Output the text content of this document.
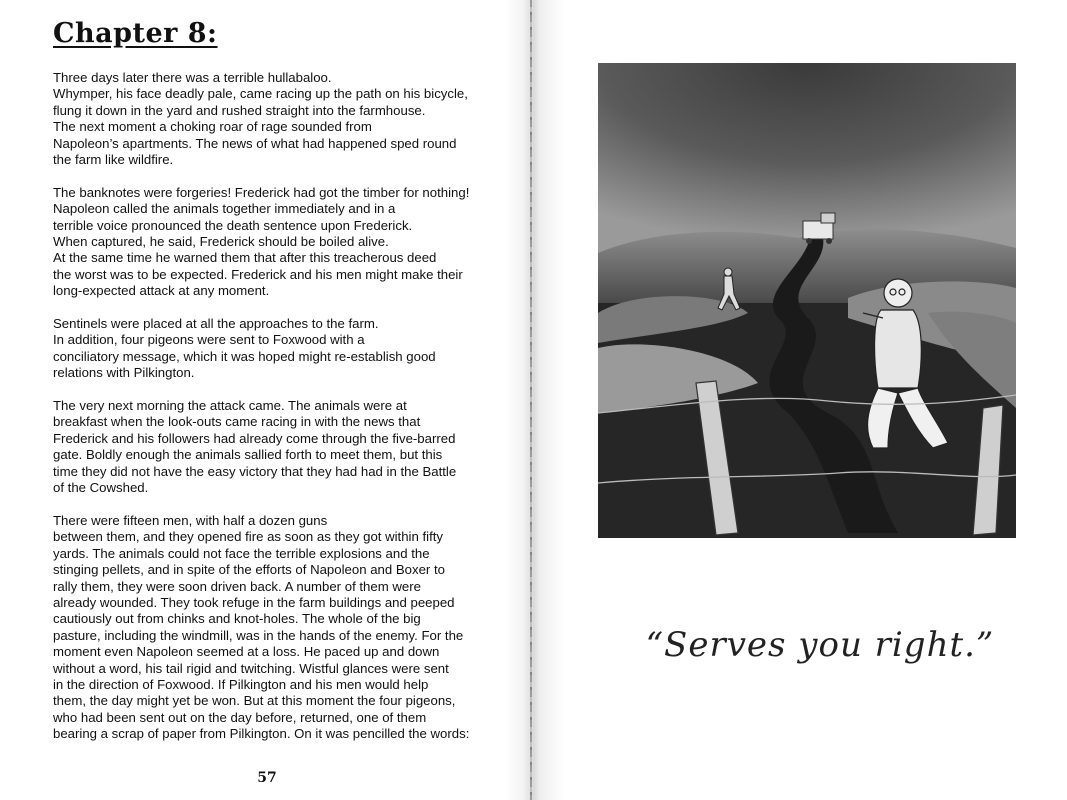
Chapter 8:
Three days later there was a terrible hullabaloo.
Whymper, his face deadly pale, came racing up the path on his bicycle,
flung it down in the yard and rushed straight into the farmhouse.
The next moment a choking roar of rage sounded from
Napoleon’s apartments. The news of what had happened sped round
the farm like wildfire.
The banknotes were forgeries! Frederick had got the timber for nothing!
Napoleon called the animals together immediately and in a
terrible voice pronounced the death sentence upon Frederick.
When captured, he said, Frederick should be boiled alive.
At the same time he warned them that after this treacherous deed
the worst was to be expected. Frederick and his men might make their
long-expected attack at any moment.
Sentinels were placed at all the approaches to the farm.
In addition, four pigeons were sent to Foxwood with a
conciliatory message, which it was hoped might re-establish good
relations with Pilkington.
The very next morning the attack came. The animals were at
breakfast when the look-outs came racing in with the news that
Frederick and his followers had already come through the five-barred
gate. Boldly enough the animals sallied forth to meet them, but this
time they did not have the easy victory that they had had in the Battle
of the Cowshed.
There were fifteen men, with half a dozen guns
between them, and they opened fire as soon as they got within fifty
yards. The animals could not face the terrible explosions and the
stinging pellets, and in spite of the efforts of Napoleon and Boxer to
rally them, they were soon driven back. A number of them were
already wounded. They took refuge in the farm buildings and peeped
cautiously out from chinks and knot-holes. The whole of the big
pasture, including the windmill, was in the hands of the enemy. For the
moment even Napoleon seemed at a loss. He paced up and down
without a word, his tail rigid and twitching. Wistful glances were sent
in the direction of Foxwood. If Pilkington and his men would help
them, the day might yet be won. But at this moment the four pigeons,
who had been sent out on the day before, returned, one of them
bearing a scrap of paper from Pilkington. On it was pencilled the words:
57
“Serves you right.”
